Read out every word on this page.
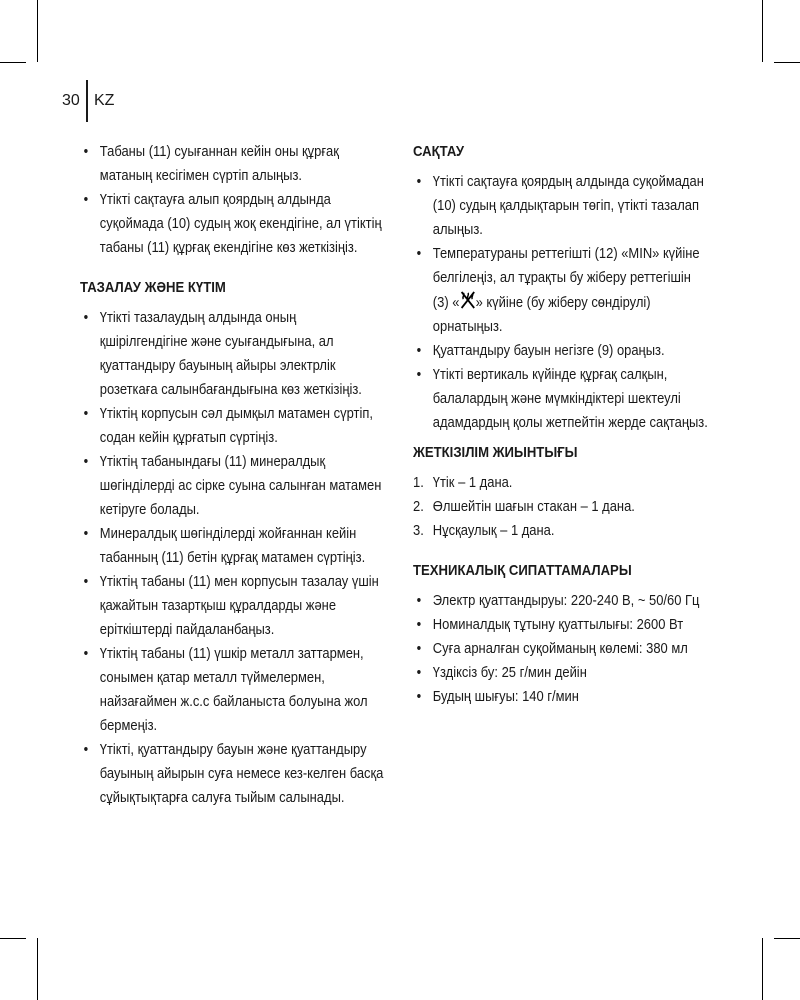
30 KZ
• Табаны (11) суығаннан кейін оны құрғақ матаның кесігімен сүртіп алыңыз.
• Үтікті сақтауға алып қоярдың алдында суқоймада (10) судың жоқ екендігіне, ал үтіктің табаны (11) құрғақ екендігіне көз жеткізіңіз.
ТАЗАЛАУ ЖӘНЕ КҮТІМ
• Үтікті тазалаудың алдында оның қшірілгендігіне және суығандығына, ал қуаттандыру бауының айыры электрлік розеткаға салынбағандығына көз жеткізіңіз.
• Үтіктің корпусын сәл дымқыл матамен сүртіп, содан кейін құрғатып сүртіңіз.
• Үтіктің табанындағы (11) минералдық шөгінділерді ас сірке суына салынған матамен кетіруге болады.
• Минералдық шөгінділерді жойғаннан кейін табанның (11) бетін құрғақ матамен сүртіңіз.
• Үтіктің табаны (11) мен корпусын тазалау үшін қажайтын тазартқыш құралдарды және еріткіштерді пайдаланбаңыз.
• Үтіктің табаны (11) үшкір металл заттармен, сонымен қатар металл түймелермен, найзағаймен ж.с.с байланыста болуына жол бермеңіз.
• Үтікті, қуаттандыру бауын және қуаттандыру бауының айырын суға немесе кез-келген басқа сұйықтықтарға салуға тыйым салынады.
САҚТАУ
• Үтікті сақтауға қоярдың алдында суқоймадан (10) судың қалдықтарын төгіп, үтікті тазалап алыңыз.
• Температураны реттегішті (12) «MIN» күйіне белгілеңіз, ал тұрақты бу жіберу реттегішін (3) « » күйіне (бу жіберу сөндірулі) орнатыңыз.
• Қуаттандыру бауын негізге (9) ораңыз.
• Үтікті вертикаль күйінде құрғақ салқын, балалардың және мүмкіндіктері шектеулі адамдардың қолы жетпейтін жерде сақтаңыз.
ЖЕТКІЗІЛІМ ЖИЫНТЫҒЫ
1. Үтік – 1 дана.
2. Өлшейтін шағын стакан – 1 дана.
3. Нұсқаулық – 1 дана.
ТЕХНИКАЛЫҚ СИПАТТАМАЛАРЫ
• Электр қуаттандыруы: 220-240 В, ~ 50/60 Гц
• Номиналдық тұтыну қуаттылығы: 2600 Вт
• Суға арналған суқойманың көлемі: 380 мл
• Үздіксіз бу: 25 г/мин дейін
• Будың шығуы: 140 г/мин
